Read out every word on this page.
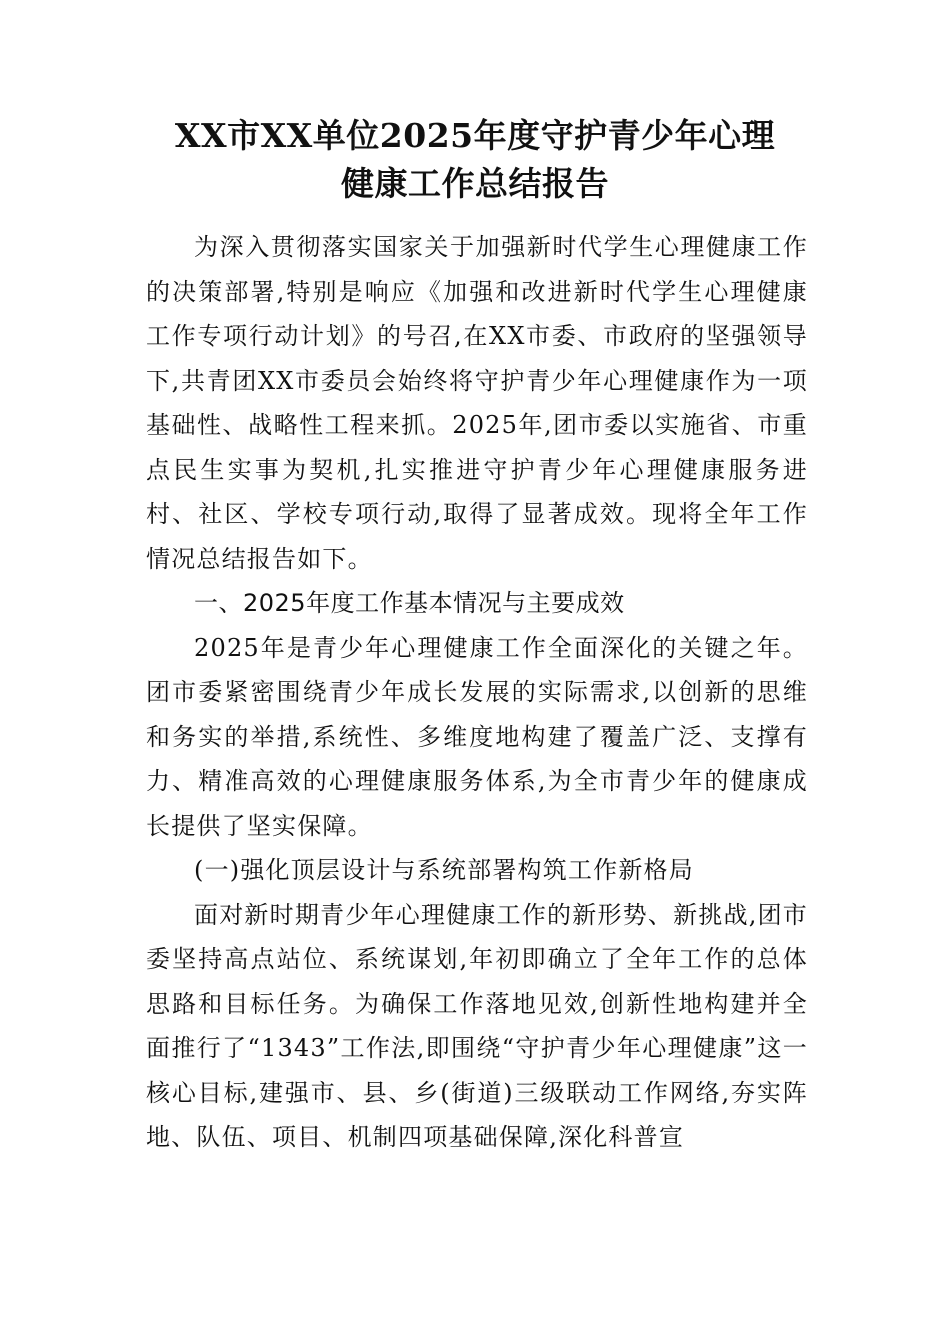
XX市XX单位2025年度守护青少年心理
健康工作总结报告

为深入贯彻落实国家关于加强新时代学生心理健康工作的决策部署,特别是响应《加强和改进新时代学生心理健康工作专项行动计划》的号召,在XX市委、市政府的坚强领导下,共青团XX市委员会始终将守护青少年心理健康作为一项基础性、战略性工程来抓。2025年,团市委以实施省、市重点民生实事为契机,扎实推进守护青少年心理健康服务进村、社区、学校专项行动,取得了显著成效。现将全年工作情况总结报告如下。

一、2025年度工作基本情况与主要成效

2025年是青少年心理健康工作全面深化的关键之年。团市委紧密围绕青少年成长发展的实际需求,以创新的思维和务实的举措,系统性、多维度地构建了覆盖广泛、支撑有力、精准高效的心理健康服务体系,为全市青少年的健康成长提供了坚实保障。

(一)强化顶层设计与系统部署构筑工作新格局

面对新时期青少年心理健康工作的新形势、新挑战,团市委坚持高点站位、系统谋划,年初即确立了全年工作的总体思路和目标任务。为确保工作落地见效,创新性地构建并全面推行了“1343”工作法,即围绕“守护青少年心理健康”这一核心目标,建强市、县、乡(街道)三级联动工作网络,夯实阵地、队伍、项目、机制四项基础保障,深化科普宣
